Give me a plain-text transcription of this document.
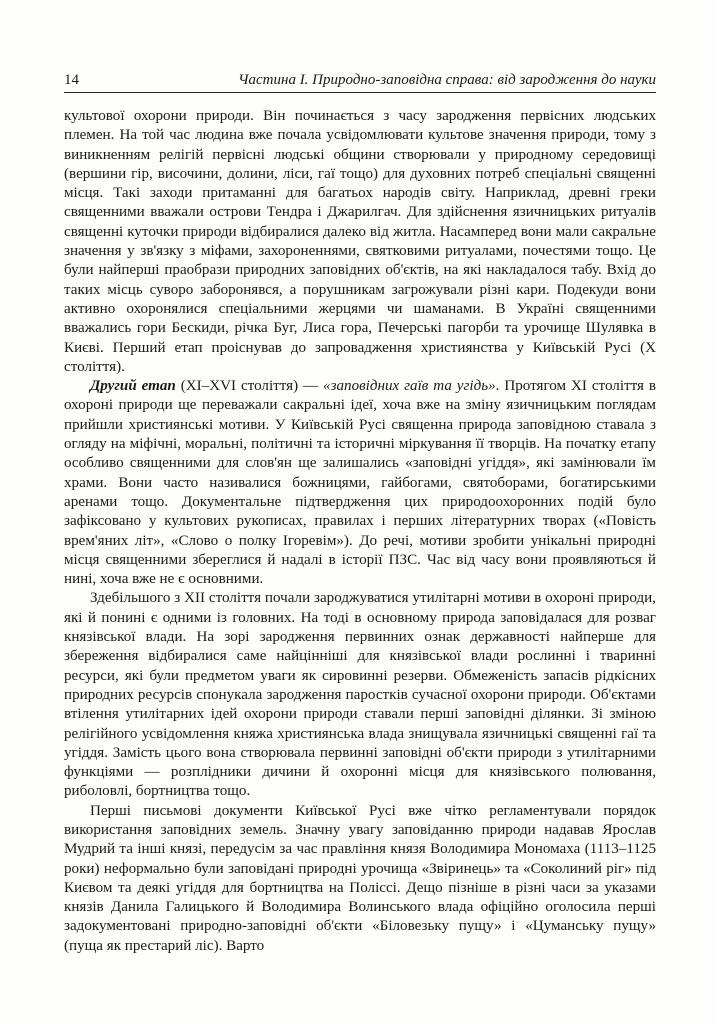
14	Частина І. Природно-заповідна справа: від зародження до науки

культової охорони природи. Він починається з часу зародження первісних людських племен. На той час людина вже почала усвідомлювати культове значення природи, тому з виникненням релігій первісні людські общини створювали у природному середовищі (вершини гір, височини, долини, ліси, гаї тощо) для духовних потреб спеціальні священні місця. Такі заходи притаманні для багатьох народів світу. Наприклад, древні греки священними вважали острови Тендра і Джарилгач. Для здійснення язичницьких ритуалів священні куточки природи відбиралися далеко від житла. Насамперед вони мали сакральне значення у зв'язку з міфами, захороненнями, святковими ритуалами, почестями тощо. Це були найперші праобрази природних заповідних об'єктів, на які накладалося табу. Вхід до таких місць суворо заборонявся, а порушникам загрожували різні кари. Подекуди вони активно охоронялися спеціальними жерцями чи шаманами. В Україні священними вважались гори Бескиди, річка Буг, Лиса гора, Печерські пагорби та урочище Шулявка в Києві. Перший етап проіснував до запровадження християнства у Київській Русі (Х століття).

Другий етап (ХІ–ХVІ століття) — «заповідних гаїв та угідь». Протягом ХІ століття в охороні природи ще переважали сакральні ідеї, хоча вже на зміну язичницьким поглядам прийшли християнські мотиви. У Київській Русі священна природа заповідною ставала з огляду на міфічні, моральні, політичні та історичні міркування її творців. На початку етапу особливо священними для слов'ян ще залишались «заповідні угіддя», які замінювали їм храми. Вони часто називалися божницями, гайбогами, святоборами, богатирськими аренами тощо. Документальне підтвердження цих природоохоронних подій було зафіксовано у культових рукописах, правилах і перших літературних творах («Повість врем'яних літ», «Слово о полку Ігоревім»). До речі, мотиви зробити унікальні природні місця священними збереглися й надалі в історії ПЗС. Час від часу вони проявляються й нині, хоча вже не є основними.

Здебільшого з ХІІ століття почали зароджуватися утилітарні мотиви в охороні природи, які й понині є одними із головних. На тоді в основному природа заповідалася для розваг князівської влади. На зорі зародження первинних ознак державності найперше для збереження відбиралися саме найцінніші для князівської влади рослинні і тваринні ресурси, які були предметом уваги як сировинні резерви. Обмеженість запасів рідкісних природних ресурсів спонукала зародження паростків сучасної охорони природи. Об'єктами втілення утилітарних ідей охорони природи ставали перші заповідні ділянки. Зі зміною релігійного усвідомлення княжа християнська влада знищувала язичницькі священні гаї та угіддя. Замість цього вона створювала первинні заповідні об'єкти природи з утилітарними функціями — розплідники дичини й охоронні місця для князівського полювання, риболовлі, бортництва тощо.

Перші письмові документи Київської Русі вже чітко регламентували порядок використання заповідних земель. Значну увагу заповіданню природи надавав Ярослав Мудрий та інші князі, передусім за час правління князя Володимира Мономаха (1113–1125 роки) неформально були заповідані природні урочища «Звіринець» та «Соколиний ріг» під Києвом та деякі угіддя для бортництва на Поліссі. Дещо пізніше в різні часи за указами князів Данила Галицького й Володимира Волинського влада офіційно оголосила перші задокументовані природно-заповідні об'єкти «Біловезьку пущу» і «Цуманську пущу» (пуща як престарий ліс). Варто
